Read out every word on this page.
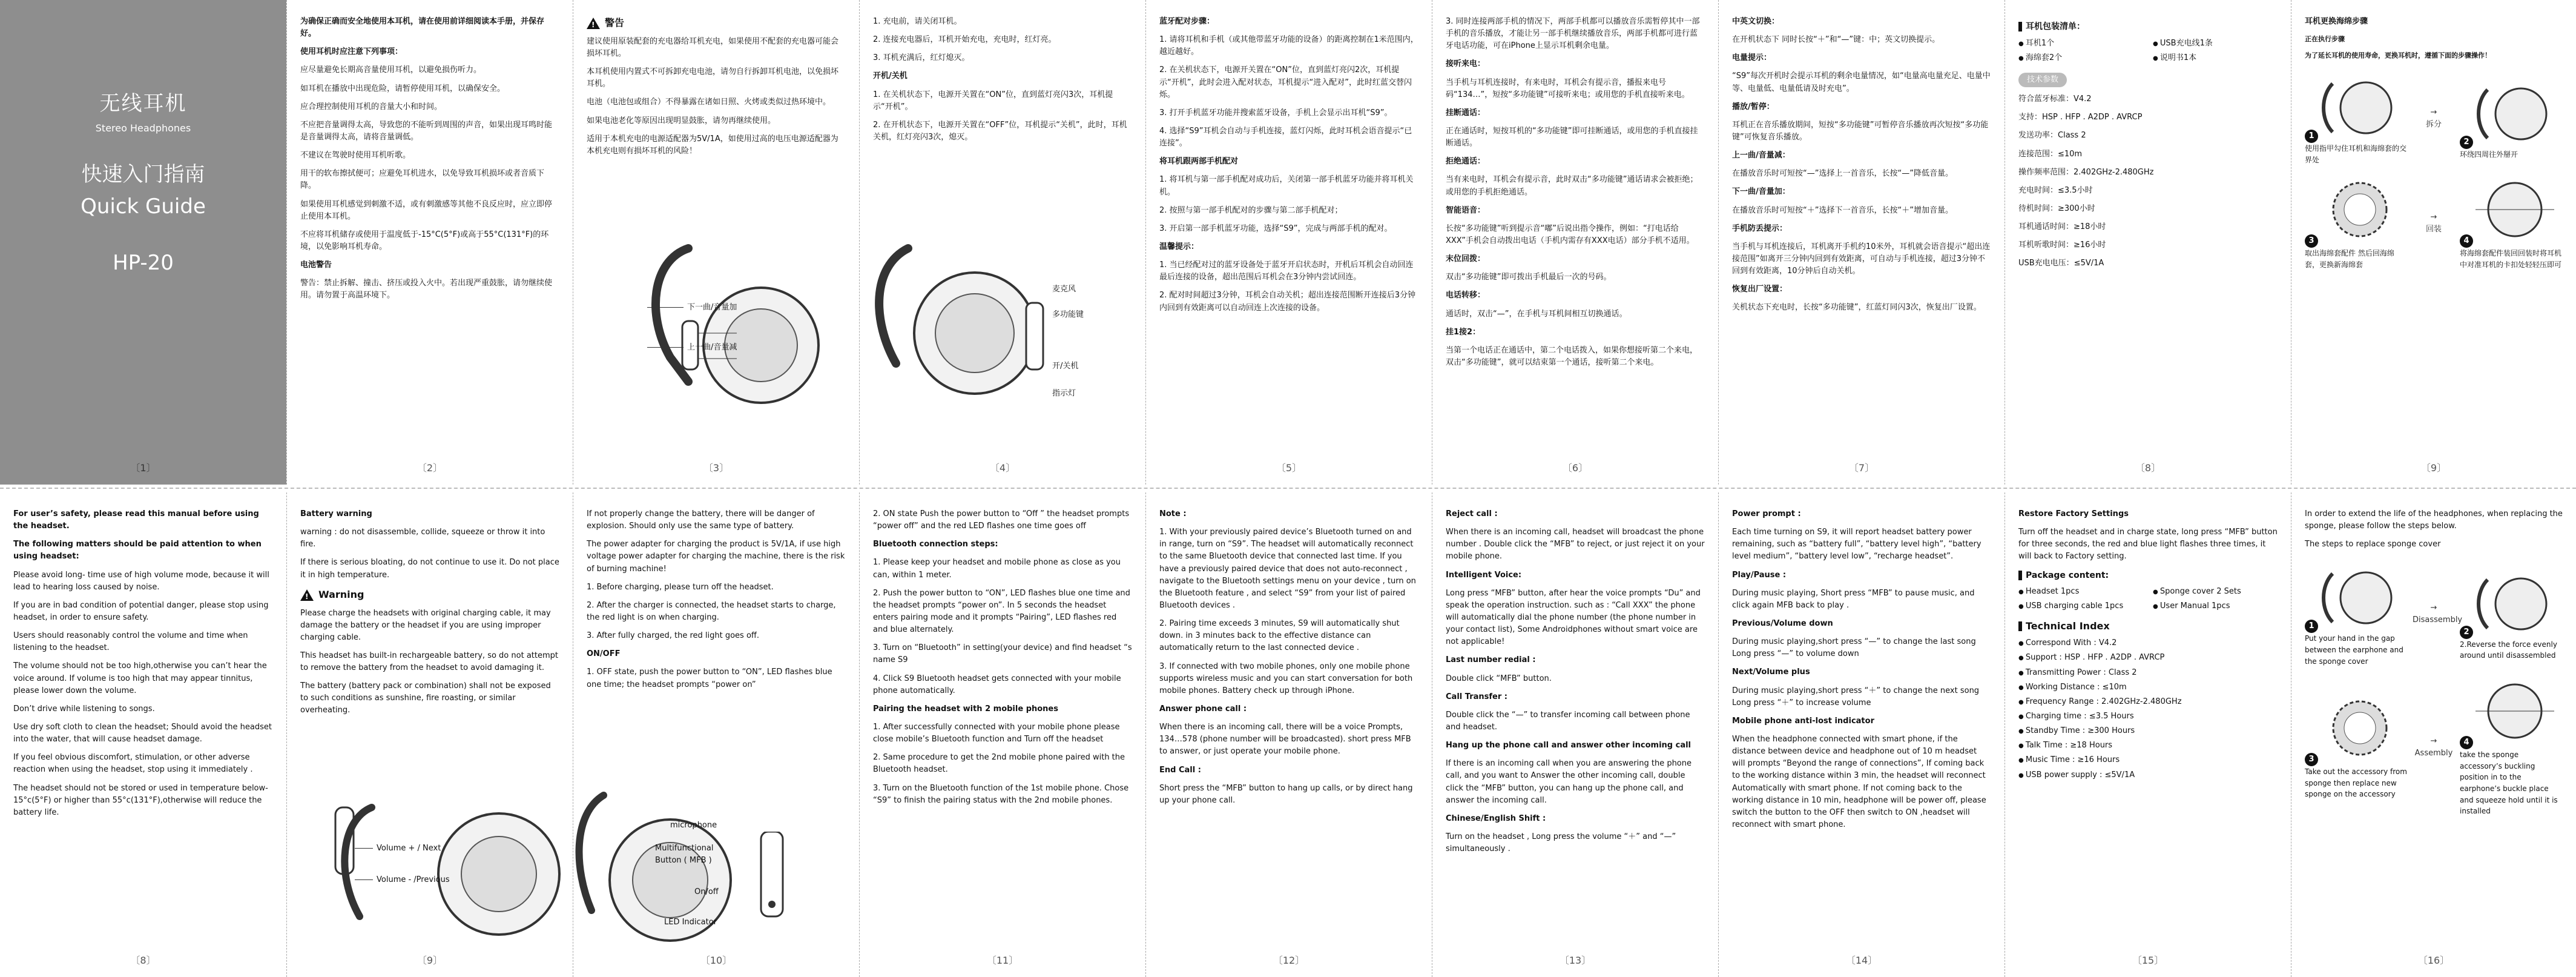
无线耳机
Stereo Headphones
快速入门指南
Quick Guide
HP-20
〔1〕

为确保正确而安全地使用本耳机，请在使用前详细阅读本手册，并保存好。

使用耳机时应注意下列事项：

应尽量避免长期高音量使用耳机，以避免损伤听力。

如耳机在播放中出现危险，请暂停使用耳机，以确保安全。

应合理控制使用耳机的音量大小和时间。

不应把音量调得太高，导致您的不能听到周围的声音，如果出现耳鸣时能是音量调得太高，请将音量调低。

不建议在驾驶时使用耳机听歌。

用干的软布擦拭便可；应避免耳机进水，以免导致耳机损坏或者音质下降。

如果使用耳机感觉到刺激不适，或有刺激感等其他不良反应时，应立即停止使用本耳机。

不应将耳机储存或使用于温度低于-15°C(5°F)或高于55°C(131°F)的环境，以免影响耳机寿命。

电池警告

警告：禁止拆解、撞击、挤压或投入火中。若出现严重鼓胀，请勿继续使用。请勿置于高温环境下。

〔2〕
!
警告

建议使用原装配套的充电器给耳机充电，如果使用不配套的充电器可能会损坏耳机。

本耳机使用内置式不可拆卸充电电池，请勿自行拆卸耳机电池，以免损坏耳机。

电池（电池包或组合）不得暴露在诸如日照、火烤或类似过热环境中。

如果电池老化等原因出现明显鼓胀，请勿再继续使用。

适用于本机充电的电源适配器为5V/1A，如使用过高的电压电源适配器为本机充电则有损坏耳机的风险！

下一曲/音量加
上一曲/音量减
〔3〕

1. 充电前，请关闭耳机。

2. 连接充电器后，耳机开始充电，充电时，红灯亮。

3. 耳机充满后，红灯熄灭。

开机/关机

1. 在关机状态下，电源开关置在“ON”位，直到蓝灯亮闪3次，耳机提示“开机”。

2. 在开机状态下，电源开关置在“OFF”位，耳机提示“关机”，此时，耳机关机，红灯亮闪3次，熄灭。

麦克风
多功能键
开/关机
指示灯
〔4〕

蓝牙配对步骤：

1. 请将耳机和手机（或其他带蓝牙功能的设备）的距离控制在1米范围内，越近越好。

2. 在关机状态下，电源开关置在“ON”位，直到蓝灯亮闪2次，耳机提示“开机”，此时会进入配对状态，耳机提示“进入配对”，此时红蓝交替闪烁。

3. 打开手机蓝牙功能并搜索蓝牙设备，手机上会显示出耳机“S9”。

4. 选择“S9”耳机会自动与手机连接，蓝灯闪烁，此时耳机会语音提示“已连接”。

将耳机跟两部手机配对

1. 将耳机与第一部手机配对成功后，关闭第一部手机蓝牙功能并将耳机关机。

2. 按照与第一部手机配对的步骤与第二部手机配对；

3. 开启第一部手机蓝牙功能，选择“S9”，完成与两部手机的配对。

温馨提示：

1. 当已经配对过的蓝牙设备处于蓝牙开启状态时，开机后耳机会自动回连最后连接的设备，超出范围后耳机会在3分钟内尝试回连。

2. 配对时间超过3分钟，耳机会自动关机；超出连接范围断开连接后3分钟内回到有效距离可以自动回连上次连接的设备。

〔5〕

3. 同时连接两部手机的情况下，两部手机都可以播放音乐需暂停其中一部手机的音乐播放，才能让另一部手机继续播放音乐，两部手机都可进行蓝牙电话功能，可在iPhone上显示耳机剩余电量。

接听来电：

当手机与耳机连接时，有来电时，耳机会有提示音，播报来电号码“134…”，短按“多功能键”可接听来电；或用您的手机直接听来电。

挂断通话：

正在通话时，短按耳机的“多功能键”即可挂断通话，或用您的手机直接挂断通话。

拒绝通话：

当有来电时，耳机会有提示音，此时双击“多功能键”通话请求会被拒绝；或用您的手机拒绝通话。

智能语音：

长按“多功能键”听到提示音“嘟”后说出指令操作，例如：“打电话给XXX”手机会自动拨出电话（手机内需存有XXX电话）部分手机不适用。

末位回拨：

双击“多功能键”即可拨出手机最后一次的号码。

电话转移：

通话时，双击“—”，在手机与耳机间相互切换通话。

挂1接2：

当第一个电话正在通话中，第二个电话拨入，如果你想接听第二个来电，双击“多功能键”，就可以结束第一个通话，接听第二个来电。

〔6〕

中英文切换：

在开机状态下 同时长按“＋”和“—”键：中；英文切换提示。

电量提示：

“S9”每次开机时会提示耳机的剩余电量情况，如“电量高电量充足、电量中等、电量低、电量低请及时充电”。

播放/暂停：

耳机正在音乐播放期间，短按“多功能键”可暂停音乐播放再次短按“多功能键”可恢复音乐播放。

上一曲/音量减：

在播放音乐时可短按“—”选择上一首音乐，长按“—”降低音量。

下一曲/音量加：

在播放音乐时可短按“＋”选择下一首音乐，长按“＋”增加音量。

手机防丢提示：

当手机与耳机连接后，耳机离开手机约10米外，耳机就会语音提示“超出连接范围”如离开三分钟内回到有效距离，可自动与手机连接，超过3分钟不回到有效距离，10分钟后自动关机。

恢复出厂设置：

关机状态下充电时，长按“多功能键”，红蓝灯同闪3次，恢复出厂设置。

〔7〕
耳机包装清单：
● 耳机1个	● USB充电线1条
● 海绵套2个	● 说明书1本
技术参数

符合蓝牙标准：V4.2

支持：HSP . HFP . A2DP . AVRCP

发送功率：Class 2

连接范围：≤10m

操作频率范围：2.402GHz-2.480GHz

充电时间：≤3.5小时

待机时间：≥300小时

耳机通话时间：≥18小时

耳机听歌时间：≥16小时

USB充电电压：≤5V/1A

〔8〕

耳机更换海绵步骤

正在执行步骤

为了延长耳机的使用寿命，更换耳机时，遵循下面的步骤操作！

1
使用指甲勾住耳机和海绵套的交界处
→
拆分
2
环绕四周往外掰开
3
取出海绵套配件 然后回海绵套，更换新海绵套
→
回装
4
将海绵套配件装回回装时将耳机中对准耳机的卡扣处轻轻压即可
〔9〕

For user’s safety, please read this manual before using the headset.

The following matters should be paid attention to when using headset:

Please avoid long- time use of high volume mode, because it will lead to hearing loss caused by noise.

If you are in bad condition of potential danger, please stop using headset, in order to ensure safety.

Users should reasonably control the volume and time when listening to the headset.

The volume should not be too high,otherwise you can’t hear the voice around. If volume is too high that may appear tinnitus, please lower down the volume.

Don’t drive while listening to songs.

Use dry soft cloth to clean the headset; Should avoid the headset into the water, that will cause headset damage.

If you feel obvious discomfort, stimulation, or other adverse reaction when using the headset, stop using it immediately .

The headset should not be stored or used in temperature below-15°c(5°F) or higher than 55°c(131°F),otherwise will reduce the battery life.

〔8〕

Battery warning

warning : do not disassemble, collide, squeeze or throw it into fire.

If there is serious bloating, do not continue to use it. Do not place it in high temperature.

!
Warning

Please charge the headsets with original charging cable, it may damage the battery or the headset if you are using improper charging cable.

This headset has built-in rechargeable battery, so do not attempt to remove the battery from the headset to avoid damaging it.

The battery (battery pack or combination) shall not be exposed to such conditions as sunshine, fire roasting, or similar overheating.

Volume + / Next
Volume - /Previous
〔9〕

If not properly change the battery, there will be danger of explosion. Should only use the same type of battery.

The power adapter for charging the product is 5V/1A, if use high voltage power adapter for charging the machine, there is the risk of burning machine!

1. Before charging, please turn off the headset.

2. After the charger is connected, the headset starts to charge, the red light is on when charging.

3. After fully charged, the red light goes off.

ON/OFF

1. OFF state, push the power button to “ON”, LED flashes blue one time; the headset prompts “power on”

microphone
Multifunctional Button ( MFB )
On/off
LED Indicator
〔10〕

2. ON state Push the power button to “Off ” the headset prompts “power off” and the red LED flashes one time goes off

Bluetooth connection steps:

1. Please keep your headset and mobile phone as close as you can, within 1 meter.

2. Push the power button to “ON”, LED flashes blue one time and the headset prompts “power on”. In 5 seconds the headset enters pairing mode and it prompts “Pairing”, LED flashes red and blue alternately.

3. Turn on “Bluetooth” in setting(your device) and find headset “s name S9

4. Click S9 Bluetooth headset gets connected with your mobile phone automatically.

Pairing the headset with 2 mobile phones

1. After successfully connected with your mobile phone please close mobile’s Bluetooth function and Turn off the headset

2. Same procedure to get the 2nd mobile phone paired with the Bluetooth headset.

3. Turn on the Bluetooth function of the 1st mobile phone. Chose “S9” to finish the pairing status with the 2nd mobile phones.

〔11〕

Note :

1. With your previously paired device’s Bluetooth turned on and in range, turn on “S9”. The headset will automatically reconnect to the same Bluetooth device that connected last time. If you have a previously paired device that does not auto-reconnect , navigate to the Bluetooth settings menu on your device , turn on the Bluetooth feature , and select “S9” from your list of paired Bluetooth devices .

2. Pairing time exceeds 3 minutes, S9 will automatically shut down. in 3 minutes back to the effective distance can automatically return to the last connected device .

3. If connected with two mobile phones, only one mobile phone supports wireless music and you can start conversation for both mobile phones. Battery check up through iPhone.

Answer phone call :

When there is an incoming call, there will be a voice Prompts, 134…578 (phone number will be broadcasted). short press MFB to answer, or just operate your mobile phone.

End Call :

Short press the “MFB” button to hang up calls, or by direct hang up your phone call.

〔12〕

Reject call :

When there is an incoming call, headset will broadcast the phone number . Double click the “MFB” to reject, or just reject it on your mobile phone.

Intelligent Voice:

Long press “MFB” button, after hear the voice prompts “Du” and speak the operation instruction. such as : “Call XXX” the phone will automatically dial the phone number (the phone number in your contact list), Some Androidphones without smart voice are not applicable!

Last number redial :

Double click “MFB” button.

Call Transfer :

Double click the “—” to transfer incoming call between phone and headset.

Hang up the phone call and answer other incoming call

If there is an incoming call when you are answering the phone call, and you want to Answer the other incoming call, double click the “MFB” button, you can hang up the phone call, and answer the incoming call.

Chinese/English Shift :

Turn on the headset , Long press the volume “＋” and “—” simultaneously .

〔13〕

Power prompt :

Each time turning on S9, it will report headset battery power remaining, such as “battery full”, “battery level high”, “battery level medium”, “battery level low”, “recharge headset”.

Play/Pause :

During music playing, Short press “MFB” to pause music, and click again MFB back to play .

Previous/Volume down

During music playing,short press “—” to change the last song Long press “—” to volume down

Next/Volume plus

During music playing,short press “＋” to change the next song Long press “＋” to increase volume

Mobile phone anti-lost indicator

When the headphone connected with smart phone, if the distance between device and headphone out of 10 m headset will prompts “Beyond the range of connections”, If coming back to the working distance within 3 min, the headset will reconnect Automatically with smart phone. If not coming back to the working distance in 10 min, headphone will be power off, please switch the button to the OFF then switch to ON ,headset will reconnect with smart phone.

〔14〕

Restore Factory Settings

Turn off the headset and in charge state, long press “MFB” button for three seconds, the red and blue light flashes three times, it will back to Factory setting.

Package content:
● Headset 1pcs	● Sponge cover 2 Sets
● USB charging cable 1pcs	● User Manual 1pcs
Technical Index
● Correspond With : V4.2
● Support : HSP . HFP . A2DP . AVRCP
● Transmitting Power : Class 2
● Working Distance : ≤10m
● Frequency Range : 2.402GHz-2.480GHz
● Charging time : ≤3.5 Hours
● Standby Time : ≥300 Hours
● Talk Time : ≥18 Hours
● Music Time : ≥16 Hours
● USB power supply : ≤5V/1A
〔15〕

In order to extend the life of the headphones, when replacing the sponge, please follow the steps below.

The steps to replace sponge cover

1
Put your hand in the gap between the earphone and the sponge cover
→
Disassembly
2
2.Reverse the force evenly around until disassembled
3
Take out the accessory from sponge then replace new sponge on the accessory
→
Assembly
4
take the sponge accessory’s buckling position in to the earphone’s buckle place and squeeze hold until it is installed
〔16〕
